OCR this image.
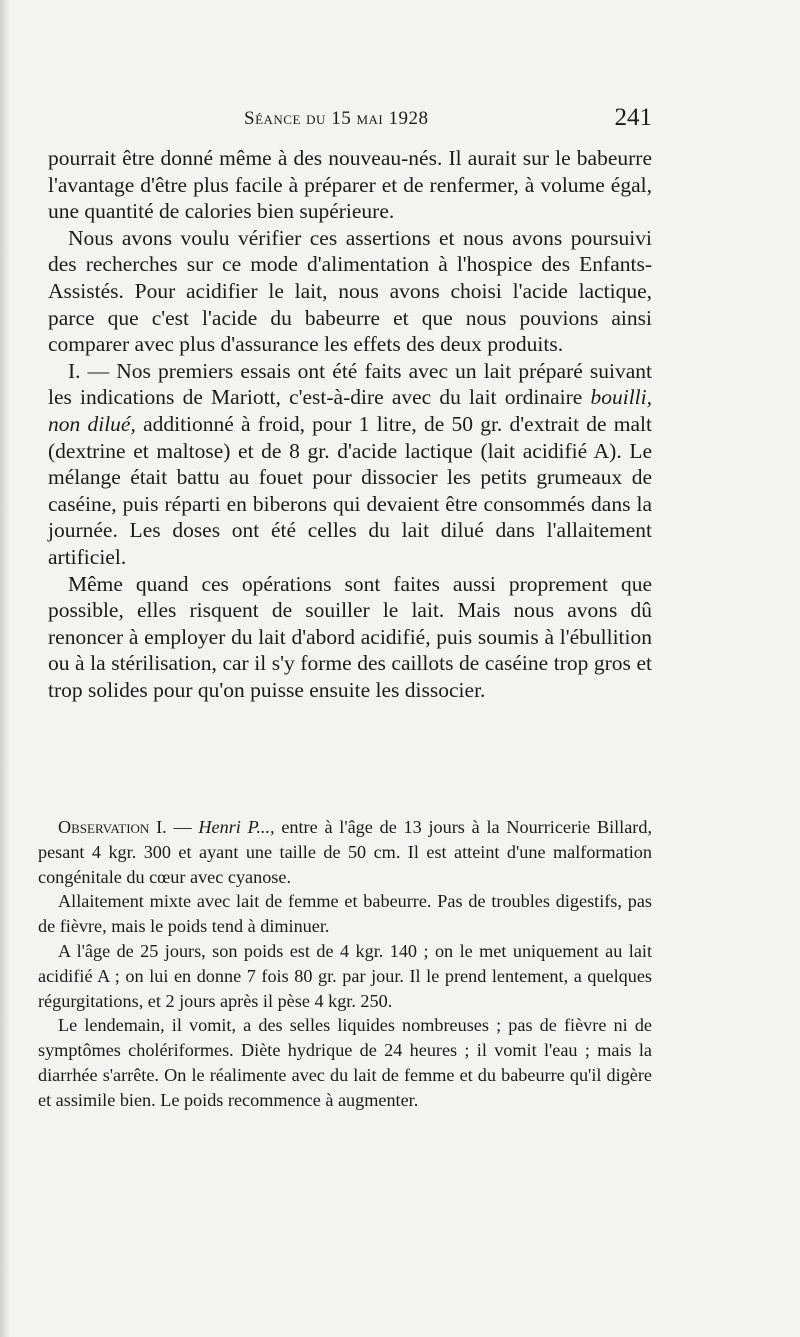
Séance du 15 mai 1928	241

pourrait être donné même à des nouveau-nés. Il aurait sur le babeurre l'avantage d'être plus facile à préparer et de renfermer, à volume égal, une quantité de calories bien supérieure.

Nous avons voulu vérifier ces assertions et nous avons poursuivi des recherches sur ce mode d'alimentation à l'hospice des Enfants-Assistés. Pour acidifier le lait, nous avons choisi l'acide lactique, parce que c'est l'acide du babeurre et que nous pouvions ainsi comparer avec plus d'assurance les effets des deux produits.

I. — Nos premiers essais ont été faits avec un lait préparé suivant les indications de Mariott, c'est-à-dire avec du lait ordinaire bouilli, non dilué, additionné à froid, pour 1 litre, de 50 gr. d'extrait de malt (dextrine et maltose) et de 8 gr. d'acide lactique (lait acidifié A). Le mélange était battu au fouet pour dissocier les petits grumeaux de caséine, puis réparti en biberons qui devaient être consommés dans la journée. Les doses ont été celles du lait dilué dans l'allaitement artificiel.

Même quand ces opérations sont faites aussi proprement que possible, elles risquent de souiller le lait. Mais nous avons dû renoncer à employer du lait d'abord acidifié, puis soumis à l'ébullition ou à la stérilisation, car il s'y forme des caillots de caséine trop gros et trop solides pour qu'on puisse ensuite les dissocier.

Observation I. — Henri P..., entre à l'âge de 13 jours à la Nourricerie Billard, pesant 4 kgr. 300 et ayant une taille de 50 cm. Il est atteint d'une malformation congénitale du cœur avec cyanose.

Allaitement mixte avec lait de femme et babeurre. Pas de troubles digestifs, pas de fièvre, mais le poids tend à diminuer.

A l'âge de 25 jours, son poids est de 4 kgr. 140 ; on le met uniquement au lait acidifié A ; on lui en donne 7 fois 80 gr. par jour. Il le prend lentement, a quelques régurgitations, et 2 jours après il pèse 4 kgr. 250.

Le lendemain, il vomit, a des selles liquides nombreuses ; pas de fièvre ni de symptômes cholériformes. Diète hydrique de 24 heures ; il vomit l'eau ; mais la diarrhée s'arrête. On le réalimente avec du lait de femme et du babeurre qu'il digère et assimile bien. Le poids recommence à augmenter.
